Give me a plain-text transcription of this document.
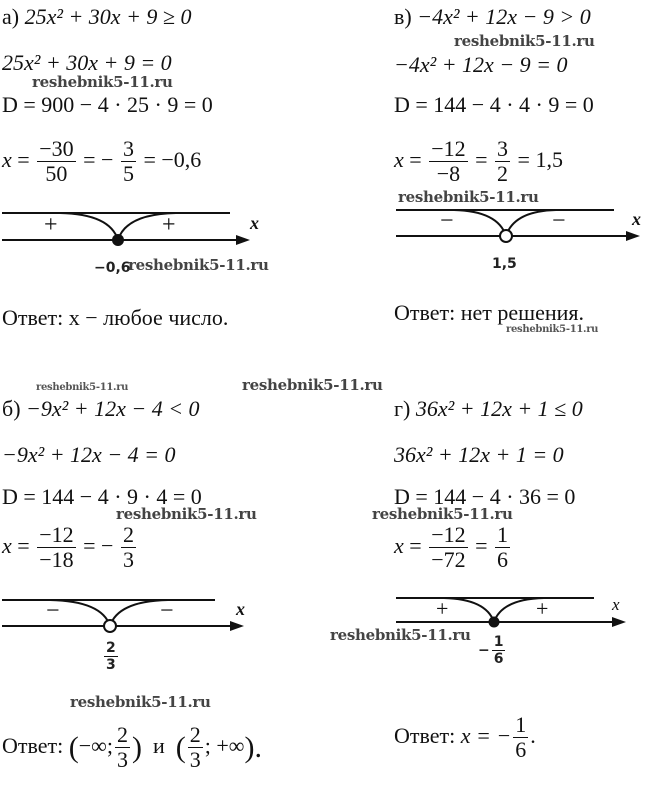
а) 25x² + 30x + 9 ≥ 0
25x² + 30x + 9 = 0
D = 900 − 4 · 25 · 9 = 0
$x = \frac{-30}{50}$ = − $\frac{3}{5} = -0,6$
+	+	x
−0,6
Ответ: x − любое число.
в) −4x² + 12x − 9 > 0
−4x² + 12x − 9 = 0
D = 144 − 4 · 4 · 9 = 0
$x = \frac{-12}{-8} = \frac{3}{2} = 1,5$
−	−	x
1,5
Ответ: нет решения.
б) −9x² + 12x − 4 < 0
−9x² + 12x − 4 = 0
D = 144 − 4 · 9 · 4 = 0
$x = \frac{-12}{-18}$ = − $\frac{2}{3}$
−	−	x
$\frac{2}{3}$
Ответ: (−∞; $\frac{2}{3}$ ) и ( $\frac{2}{3}$ ; +∞).
г) 36x² + 12x + 1 ≤ 0
36x² + 12x + 1 = 0
D = 144 − 4 · 36 = 0
$x = \frac{-12}{-72} = \frac{1}{6}$
+	+	x
− $\frac{1}{6}$
Ответ: x = − $\frac{1}{6}$ .
reshebnik5-11.ru
reshebnik5-11.ru
reshebnik5-11.ru
reshebnik5-11.ru
reshebnik5-11.ru
reshebnik5-11.ru	reshebnik5-11.ru
reshebnik5-11.ru	reshebnik5-11.ru
reshebnik5-11.ru
reshebnik5-11.ru
